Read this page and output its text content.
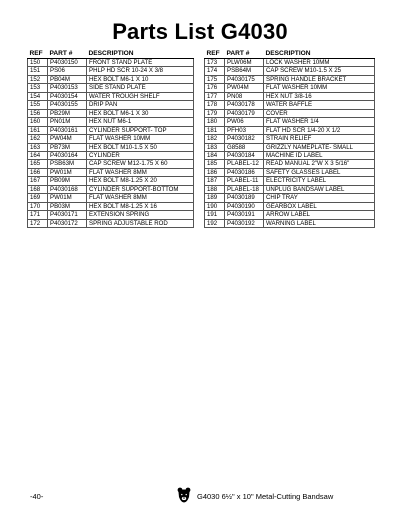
Parts List G4030
REF	PART #	DESCRIPTION
150	P4030150	FRONT STAND PLATE
151	PS06	PHLP HD SCR 10-24 X 3/8
152	PB04M	HEX BOLT M6-1 X 10
153	P4030153	SIDE STAND PLATE
154	P4030154	WATER TROUGH SHELF
155	P4030155	DRIP PAN
156	PB29M	HEX BOLT M6-1 X 30
160	PN01M	HEX NUT M6-1
161	P4030161	CYLINDER SUPPORT- TOP
162	PW04M	FLAT WASHER 10MM
163	PB73M	HEX BOLT M10-1.5 X 50
164	P4030164	CYLINDER
165	PSB63M	CAP SCREW M12-1.75 X 60
166	PW01M	FLAT WASHER 8MM
167	PB09M	HEX BOLT M8-1.25 X 20
168	P4030168	CYLINDER SUPPORT-BOTTOM
169	PW01M	FLAT WASHER 8MM
170	PB03M	HEX BOLT M8-1.25 X 16
171	P4030171	EXTENSION SPRING
172	P4030172	SPRING ADJUSTABLE ROD
REF	PART #	DESCRIPTION
173	PLW06M	LOCK WASHER 10MM
174	PSB64M	CAP SCREW M10-1.5 X 25
175	P4030175	SPRING HANDLE BRACKET
176	PW04M	FLAT WASHER 10MM
177	PN08	HEX NUT 3/8-16
178	P4030178	WATER BAFFLE
179	P4030179	COVER
180	PW06	FLAT WASHER 1/4
181	PFH03	FLAT HD SCR 1/4-20 X 1/2
182	P4030182	STRAIN RELIEF
183	G8588	GRIZZLY NAMEPLATE- SMALL
184	P4030184	MACHINE ID LABEL
185	PLABEL-12	READ MANUAL 2"W X 3 5/16"
186	P4030186	SAFETY GLASSES LABEL
187	PLABEL-11	ELECTRICITY LABEL
188	PLABEL-18	UNPLUG BANDSAW LABEL
189	P4030189	CHIP TRAY
190	P4030190	GEARBOX LABEL
191	P4030191	ARROW LABEL
192	P4030192	WARNING LABEL
-40-	G4030 6½" x 10" Metal-Cutting Bandsaw
